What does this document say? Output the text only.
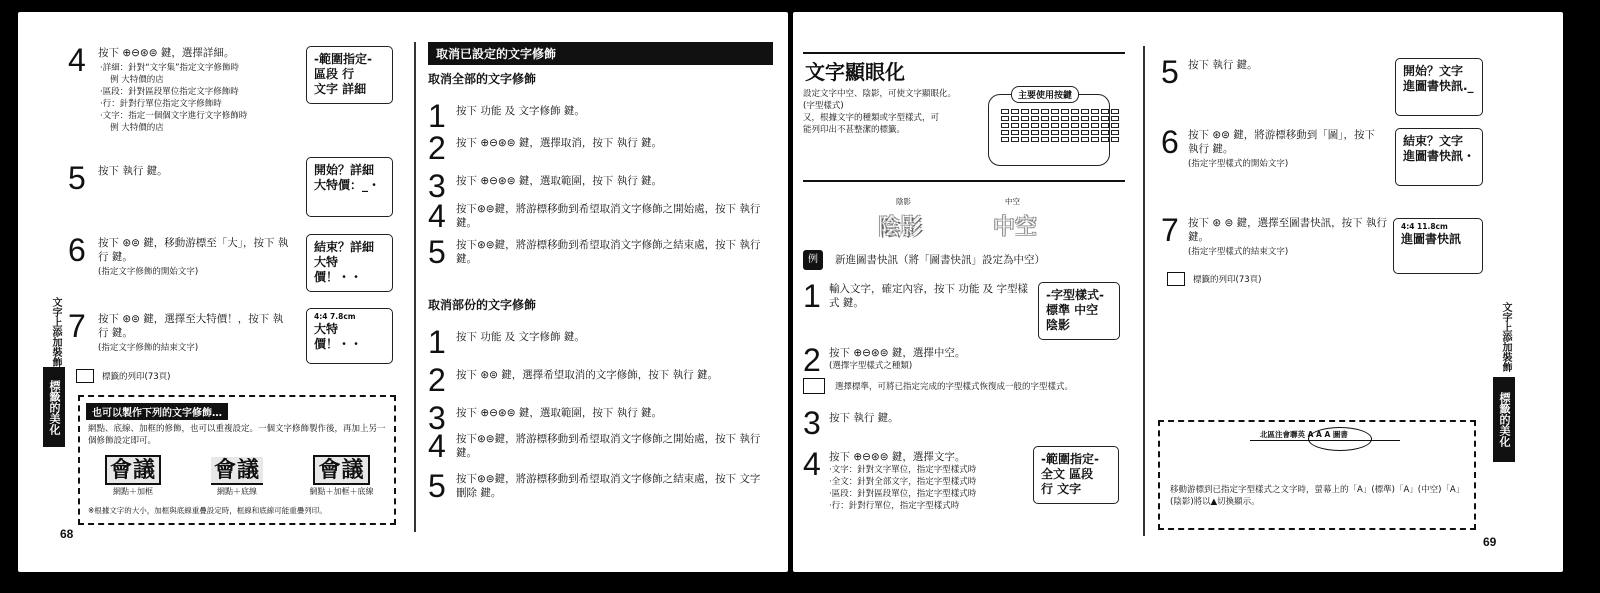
4 按下 ⊕⊖⊛⊜ 鍵，選擇詳細。
·詳細：針對“文字集”指定文字修飾時
例 大特價的店
·區段：針對區段單位指定文字修飾時
·行：針對行單位指定文字修飾時
·文字：指定一個個文字進行文字修飾時
例 大特價的店
-範圍指定-
區段 行
文字 詳細
5 按下 執行 鍵。	開始？詳細
大特價：_・
6 按下 ⊛⊜ 鍵，移動游標至「大」，按下 執行 鍵。
(指定文字修飾的開始文字)
結束？詳細
大特價！・・
7 按下 ⊛⊜ 鍵，選擇至大特價！，按下 執行 鍵。
(指定文字修飾的結束文字)
4:4 7.8cm
大特價！・・
標籤的列印(73頁)
也可以製作下列的文字修飾…
網點、底線、加框的修飾，也可以重複設定。一個文字修飾製作後，再加上另一個修飾設定即可。
會議
網點＋加框
會議
網點＋底線
會議
網點＋加框＋底線
※根據文字的大小，加框與底線重疊設定時，框線和底線可能重疊列印。
文字上添加裝飾
標籤的美化
68
取消已設定的文字修飾
取消全部的文字修飾
1 按下 功能 及 文字修飾 鍵。
2 按下 ⊕⊖⊛⊜ 鍵，選擇取消，按下 執行 鍵。
3 按下 ⊕⊖⊛⊜ 鍵，選取範圍，按下 執行 鍵。
4 按下⊛⊜鍵，將游標移動到希望取消文字修飾之開始處，按下 執行 鍵。
5 按下⊛⊜鍵，將游標移動到希望取消文字修飾之結束處，按下 執行 鍵。
取消部份的文字修飾
1 按下 功能 及 文字修飾 鍵。
2 按下 ⊛⊜ 鍵，選擇希望取消的文字修飾，按下 執行 鍵。
3 按下 ⊕⊖⊛⊜ 鍵，選取範圍，按下 執行 鍵。
4 按下⊛⊜鍵，將游標移動到希望取消文字修飾之開始處，按下 執行 鍵。
5 按下⊛⊜鍵，將游標移動到希望取消文字修飾之結束處，按下 文字刪除 鍵。
文字顯眼化
設定文字中空、陰影，可使文字顯眼化。
(字型樣式)
又，根據文字的種類或字型樣式，可
能列印出不甚整潔的標籤。
主要使用按鍵
陰影	中空
陰影	中空
例	新進圖書快訊（將「圖書快訊」設定為中空）
1 輸入文字，確定內容，按下 功能 及 字型樣式 鍵。
-字型樣式-
標準 中空
陰影
2 按下 ⊕⊖⊛⊜ 鍵，選擇中空。
(選擇字型樣式之種類)
選擇標準，可將已指定完成的字型樣式恢復成一般的字型樣式。
3 按下 執行 鍵。
4 按下 ⊕⊖⊛⊜ 鍵，選擇文字。
·文字：針對文字單位，指定字型樣式時
·全文：針對全部文字，指定字型樣式時
·區段：針對區段單位，指定字型樣式時
·行：針對行單位，指定字型樣式時
-範圍指定-
全文 區段
行 文字
5 按下 執行 鍵。	開始？文字
進圖書快訊._
6 按下 ⊛⊜ 鍵，將游標移動到「圖」，按下 執行 鍵。
(指定字型樣式的開始文字)
結束？文字
進圖書快訊・
7 按下 ⊛ ⊜ 鍵，選擇至圖書快訊，按下 執行 鍵。
(指定字型樣式的結束文字)
4:4 11.8cm
進圖書快訊
標籤的列印(73頁)
北區注會聯英 A A A 圖書
移動游標到已指定字型樣式之文字時，螢幕上的「A」(標準)「A」(中空)「A」(陰影)將以▲切換顯示。
文字上添加裝飾
標籤的美化
69
